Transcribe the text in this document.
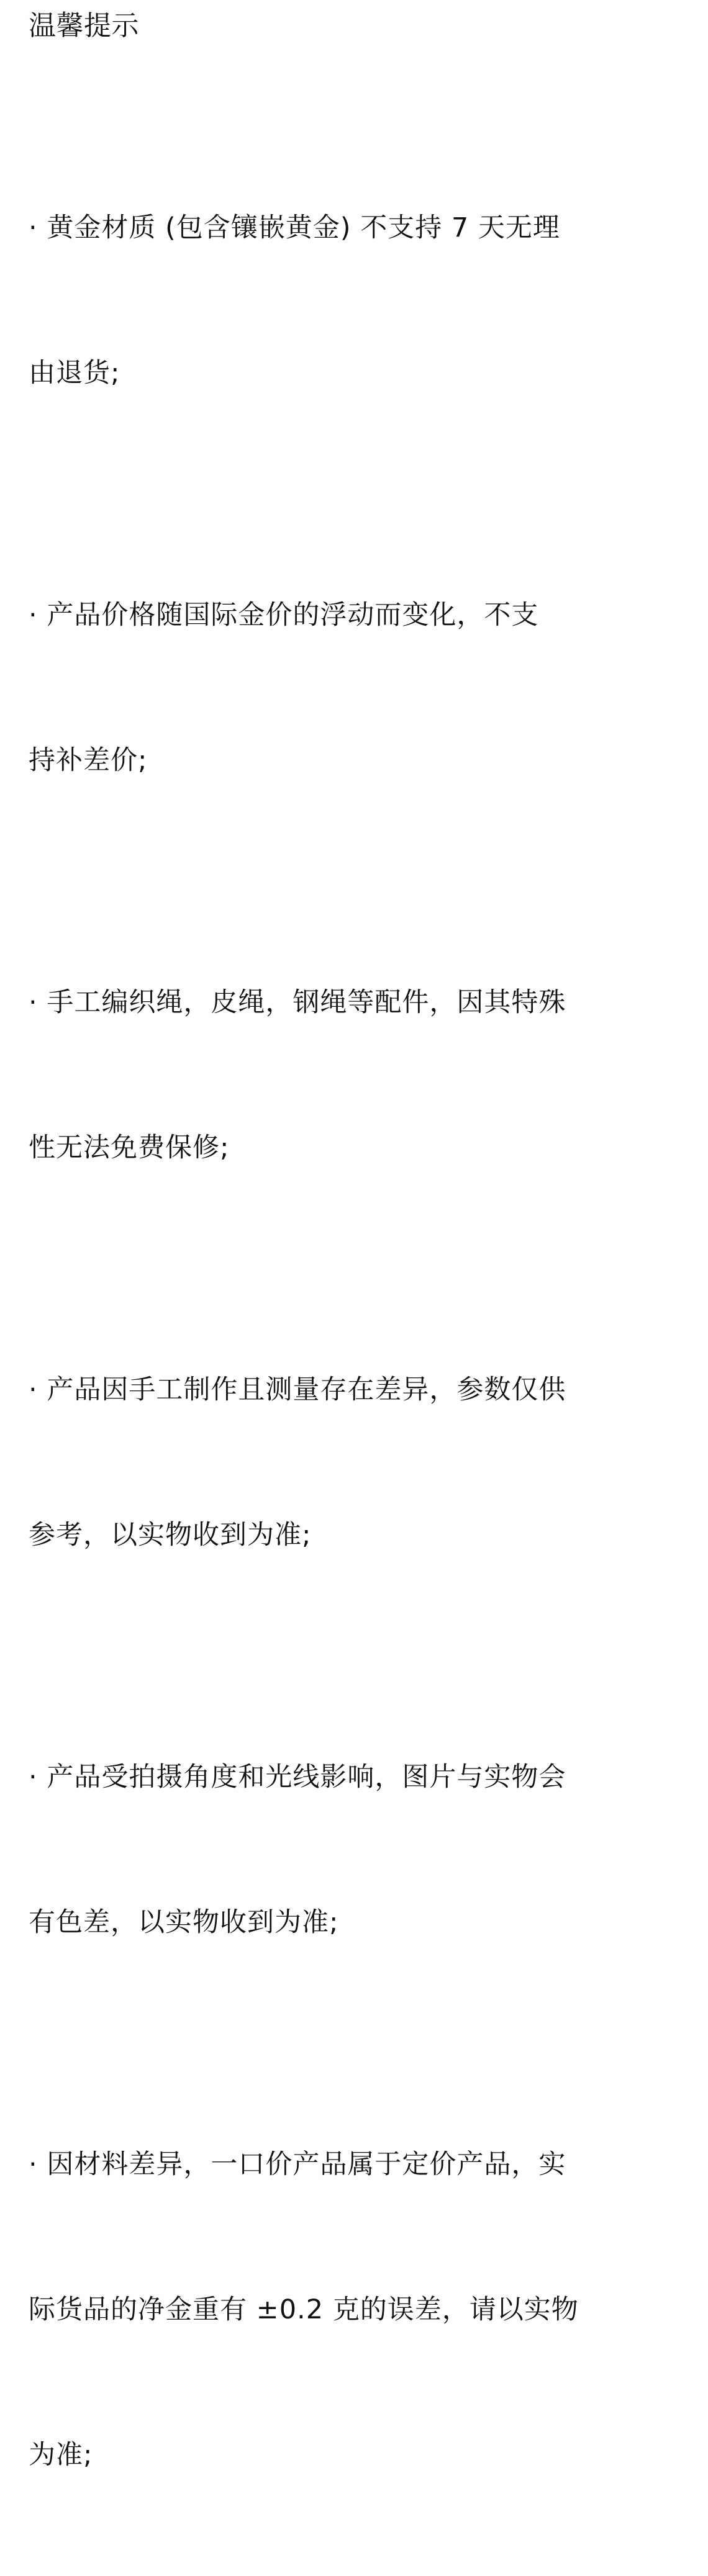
温馨提示

· 黄金材质 (包含镶嵌黄金) 不支持 7 天无理

由退货;

· 产品价格随国际金价的浮动而变化，不支

持补差价;

· 手工编织绳，皮绳，钢绳等配件，因其特殊

性无法免费保修;

· 产品因手工制作且测量存在差异，参数仅供

参考，以实物收到为准;

· 产品受拍摄角度和光线影响，图片与实物会

有色差，以实物收到为准;

· 因材料差异，一口价产品属于定价产品，实

际货品的净金重有 ±0.2 克的误差，请以实物

为准;
